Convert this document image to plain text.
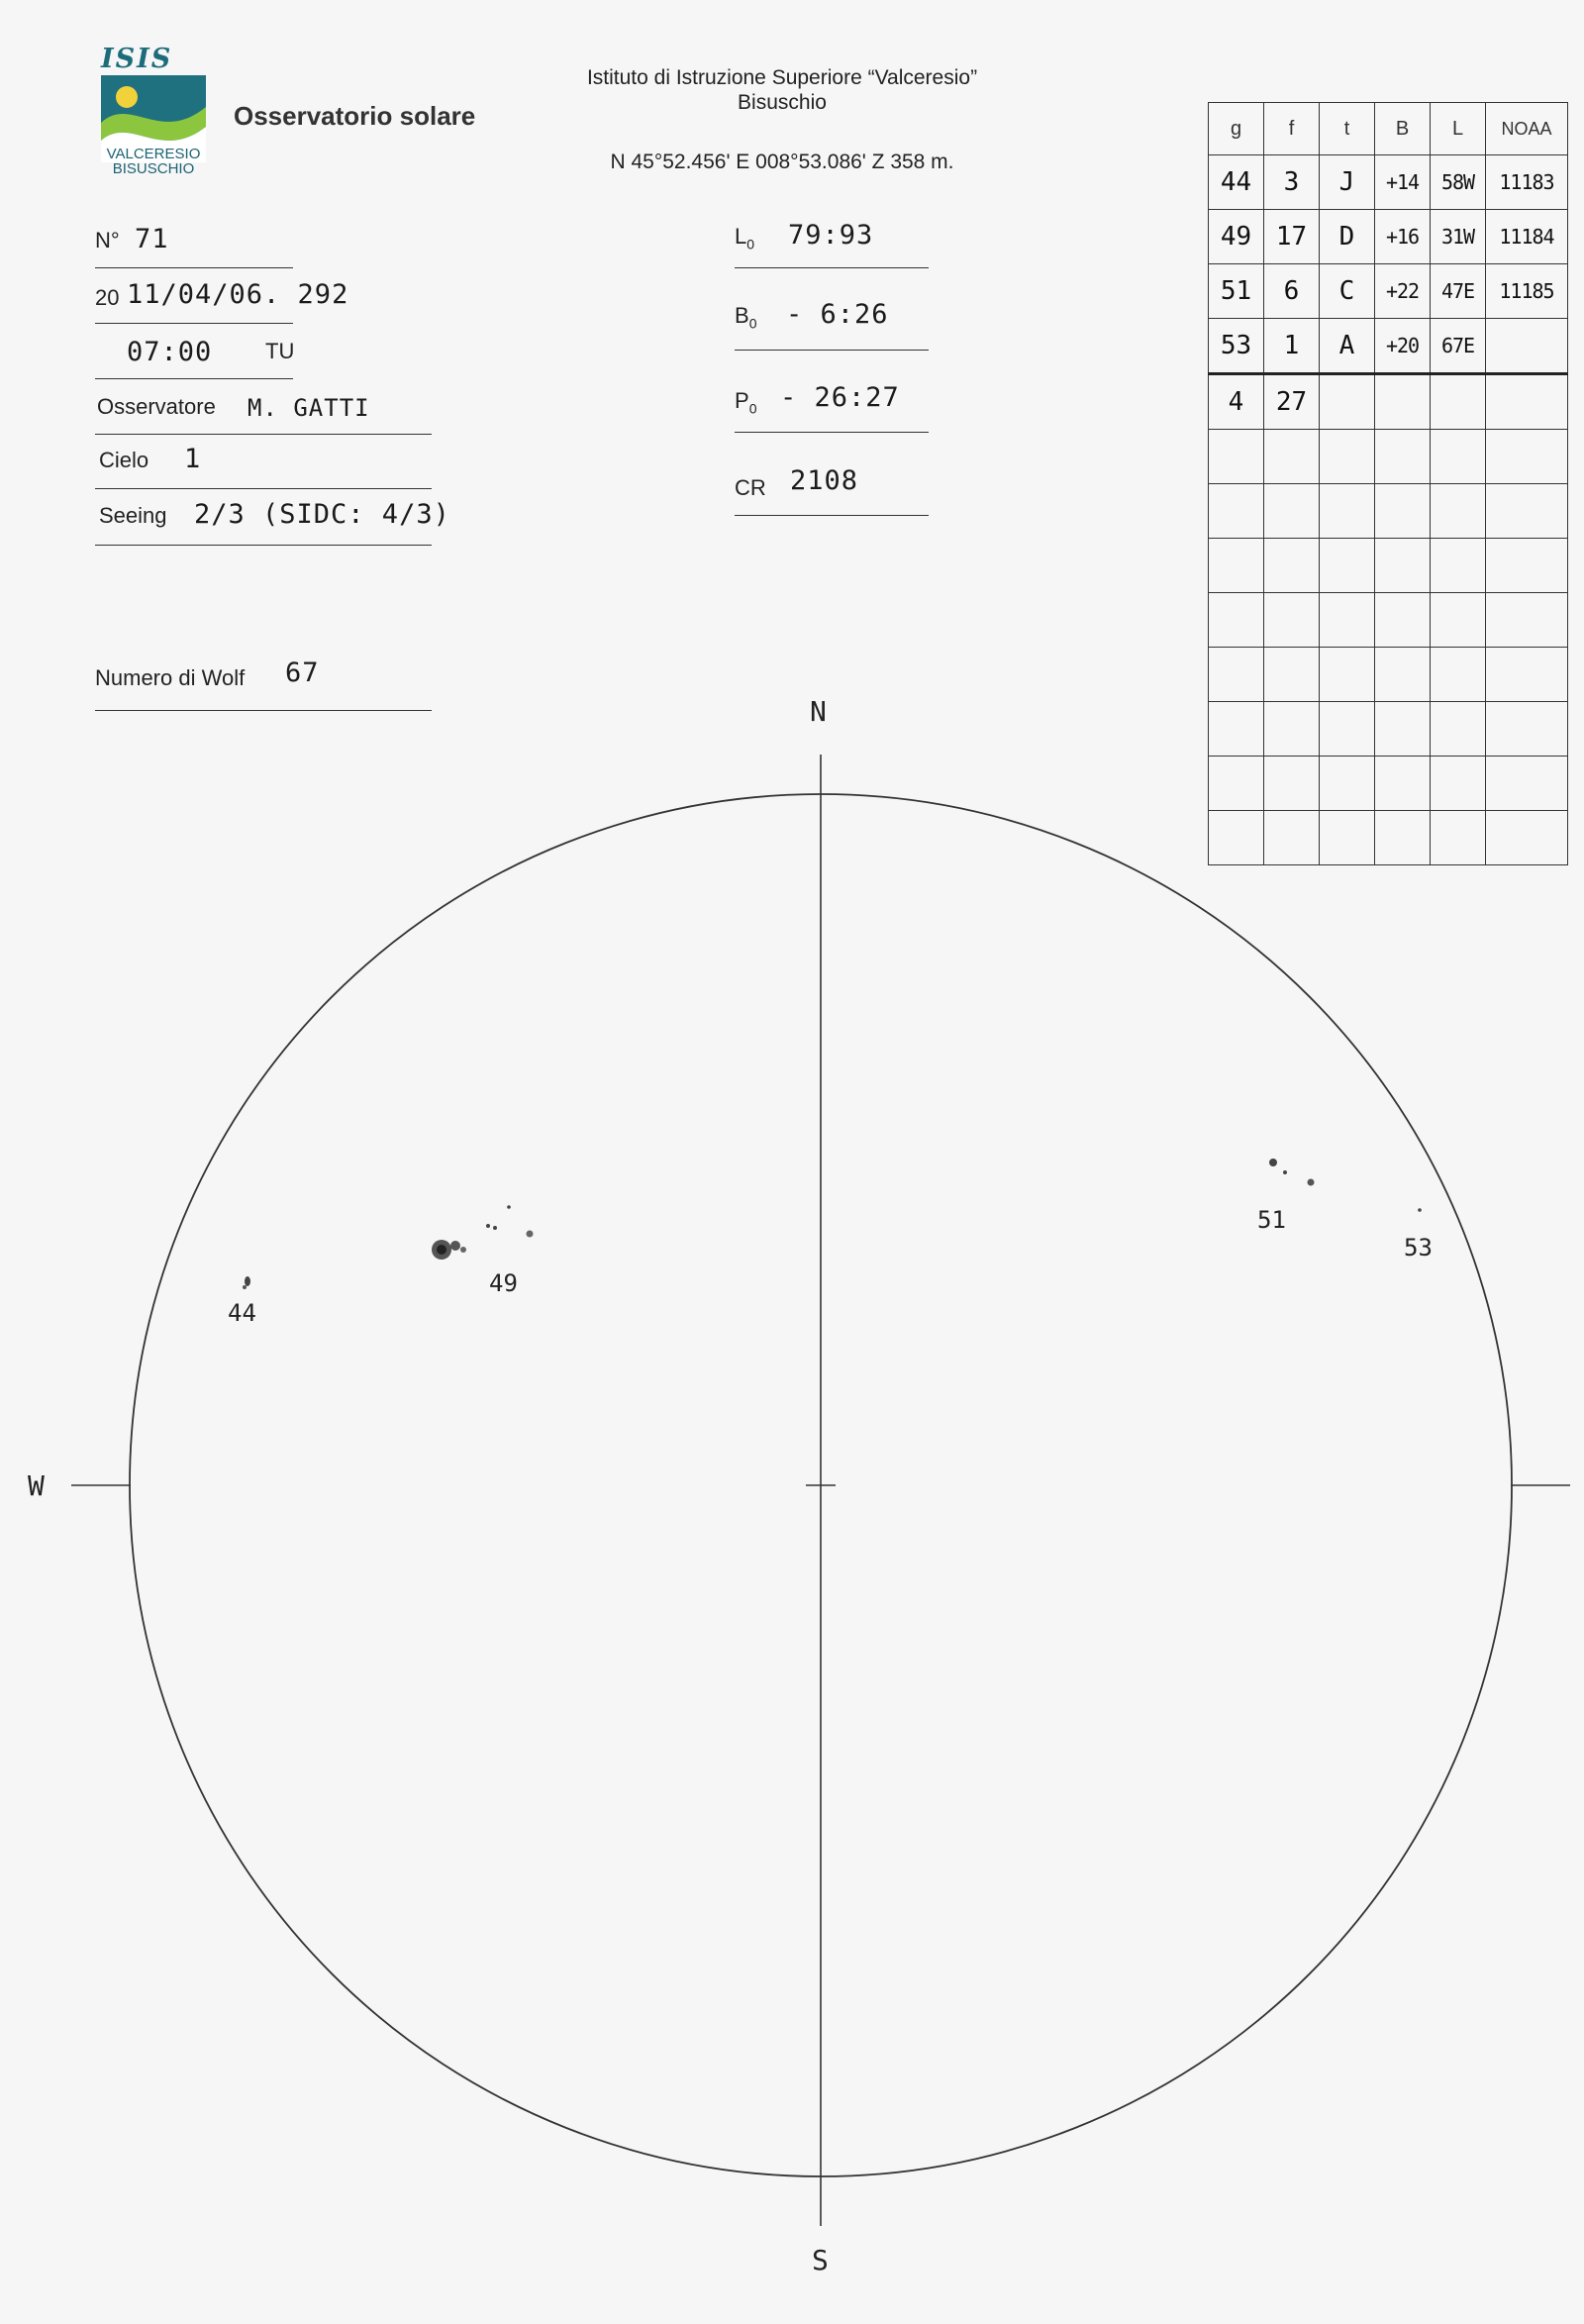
ISIS
VALCERESIO
BISUSCHIO
Osservatorio solare
Istituto di Istruzione Superiore “Valceresio”
Bisuschio
N 45°52.456' E 008°53.086' Z 358 m.
N° 71
20 11/04/06. 292
07:00 TU
Osservatore M. GATTI
Cielo 1
Seeing 2/3 (SIDC: 4/3)
Numero di Wolf 67
$L_0$ 79:93
$B_0$ - 6:26
$P_0$ - 26:27
CR 2108
g	f	t	B	L	NOAA
44	3	J	+14	58W	11183
49	17	D	+16	31W	11184
51	6	C	+22	47E	11185
53	1	A	+20	67E	
4	27				

N
S
W
44
49
51
53
